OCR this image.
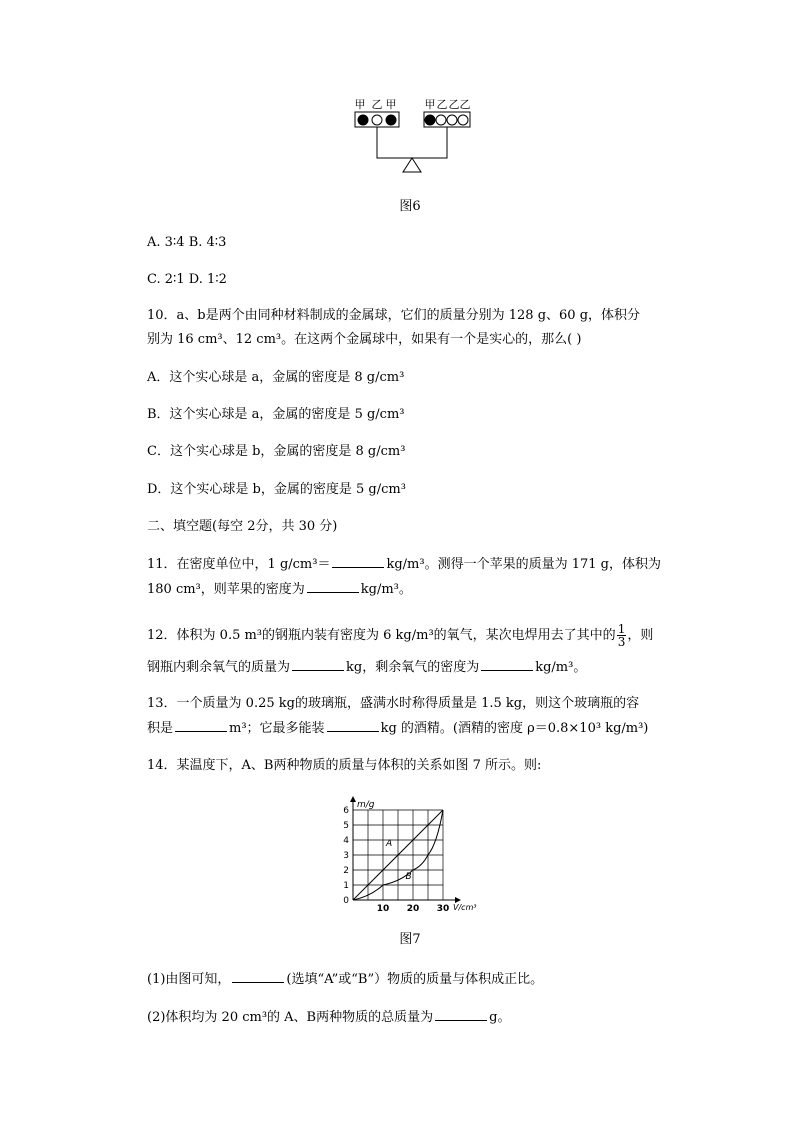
甲 乙 甲	甲 乙 乙 乙
图6
A. 3∶4 B. 4∶3
C. 2∶1 D. 1∶2
10．a、b是两个由同种材料制成的金属球，它们的质量分别为 128 g、60 g，体积分
别为 16 cm³、12 cm³。在这两个金属球中，如果有一个是实心的，那么( )
A．这个实心球是 a，金属的密度是 8 g/cm³
B．这个实心球是 a，金属的密度是 5 g/cm³
C．这个实心球是 b，金属的密度是 8 g/cm³
D．这个实心球是 b，金属的密度是 5 g/cm³
二、填空题(每空 2分，共 30 分)
11．在密度单位中，1 g/cm³＝	kg/m³。测得一个苹果的质量为 171 g，体积为
180 cm³，则苹果的密度为	kg/m³。
12．体积为 0.5 m³的钢瓶内装有密度为 6 kg/m³的氧气，某次电焊用去了其中的 $\frac{1}{3}$ ，则
钢瓶内剩余氧气的质量为	kg，剩余氧气的密度为	kg/m³。
13．一个质量为 0.25 kg的玻璃瓶，盛满水时称得质量是 1.5 kg，则这个玻璃瓶的容
积是	m³；它最多能装	kg 的酒精。(酒精的密度 ρ＝0.8×10³ kg/m³)
14．某温度下，A、B两种物质的质量与体积的关系如图 7 所示。则:
A
B
0
1
2
3
4
5
6
10 20 30
m/g
V/cm³
图7
(1)由图可知，	(选填“A”或“B”）物质的质量与体积成正比。
(2)体积均为 20 cm³的 A、B两种物质的总质量为	g。
